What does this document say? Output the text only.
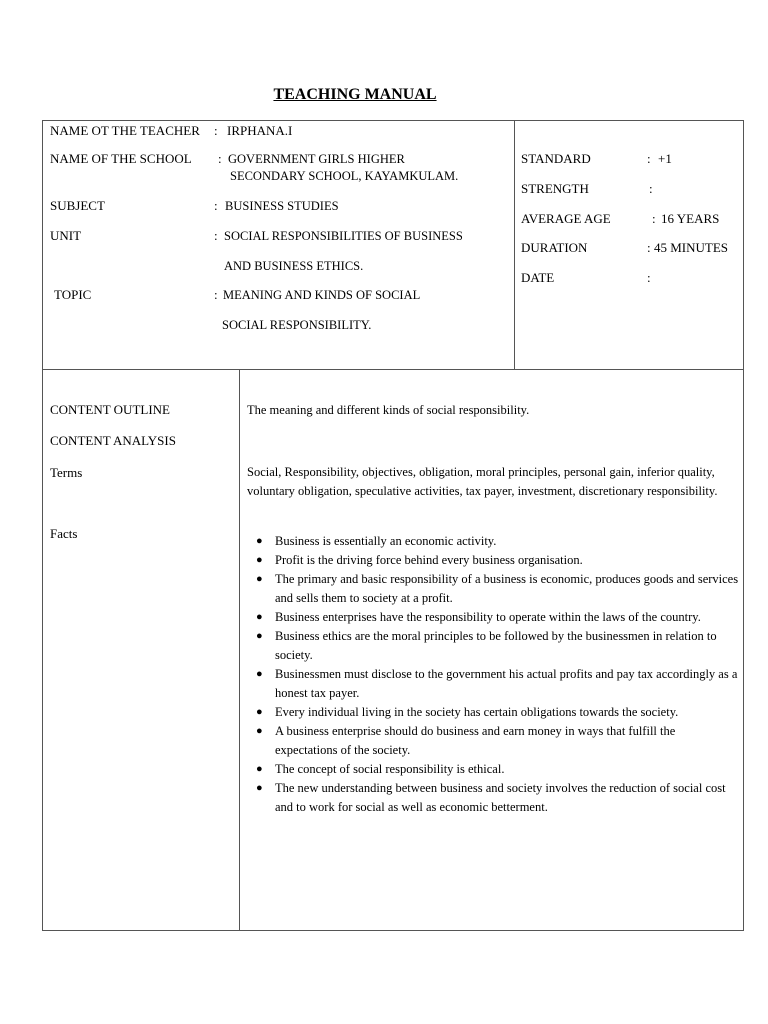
TEACHING MANUAL
NAME OT THE TEACHER : IRPHANA.I
NAME OF THE SCHOOL : GOVERNMENT GIRLS HIGHER
SECONDARY SCHOOL, KAYAMKULAM.
SUBJECT	: BUSINESS STUDIES
UNIT	: SOCIAL RESPONSIBILITIES OF BUSINESS
AND BUSINESS ETHICS.
TOPIC	: MEANING AND KINDS OF SOCIAL
SOCIAL RESPONSIBILITY.
STANDARD	: +1
STRENGTH	:
AVERAGE AGE	: 16 YEARS
DURATION	: 45 MINUTES
DATE	:
CONTENT OUTLINE	The meaning and different kinds of social responsibility.
CONTENT ANALYSIS
Terms	Social, Responsibility, objectives, obligation, moral principles, personal gain, inferior quality, voluntary obligation, speculative activities, tax payer, investment, discretionary responsibility.
Facts	● Business is essentially an economic activity.
● Profit is the driving force behind every business organisation.
● The primary and basic responsibility of a business is economic, produces goods and services and sells them to society at a profit.
● Business enterprises have the responsibility to operate within the laws of the country.
● Business ethics are the moral principles to be followed by the businessmen in relation to society.
● Businessmen must disclose to the government his actual profits and pay tax accordingly as a honest tax payer.
● Every individual living in the society has certain obligations towards the society.
● A business enterprise should do business and earn money in ways that fulfill the expectations of the society.
● The concept of social responsibility is ethical.
● The new understanding between business and society involves the reduction of social cost and to work for social as well as economic betterment.
